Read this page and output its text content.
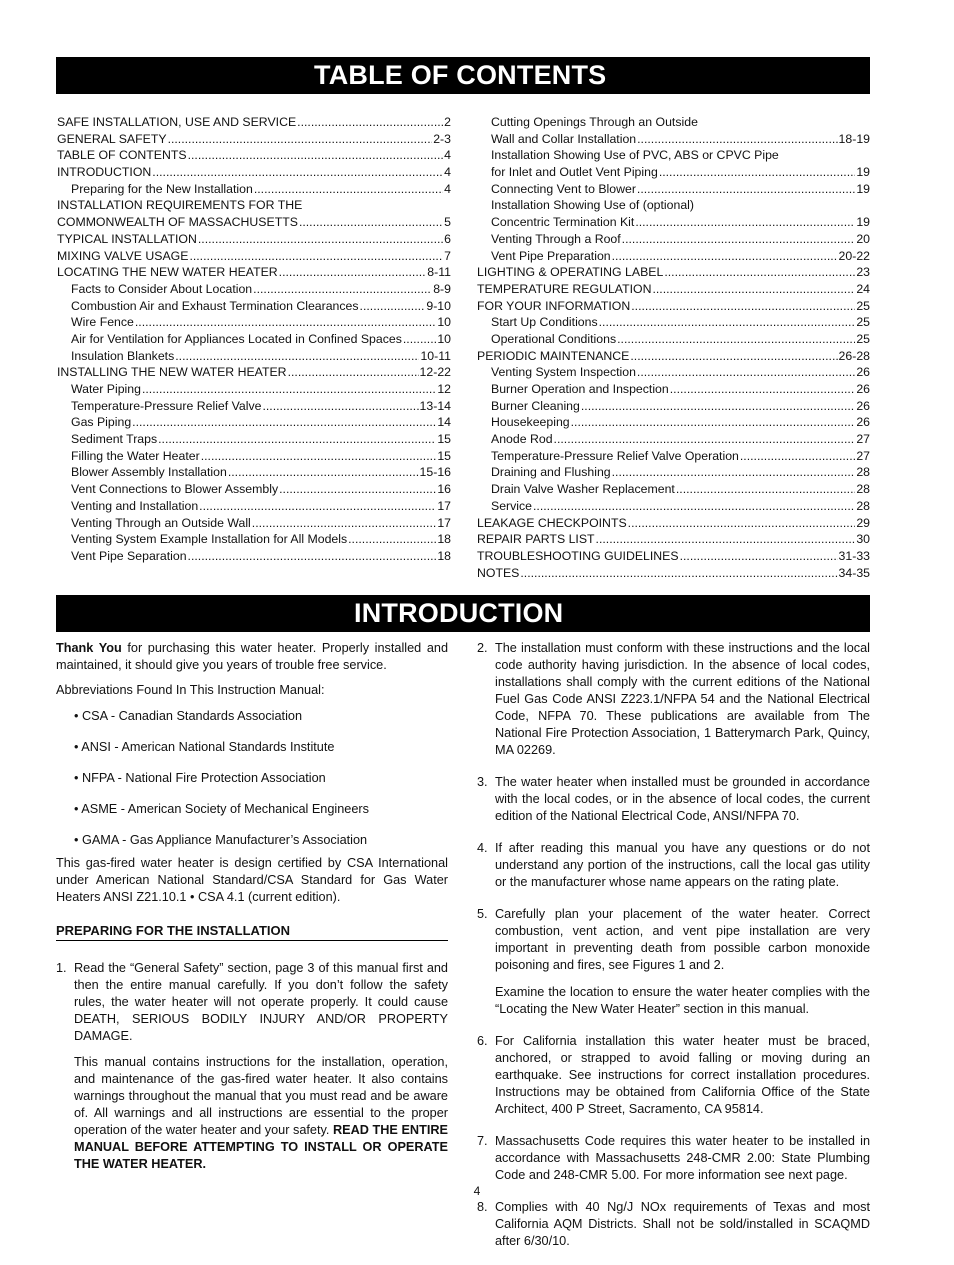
TABLE OF CONTENTS
SAFE INSTALLATION, USE AND SERVICE .....	2
GENERAL SAFETY .....	2-3
TABLE OF CONTENTS .....	4
INTRODUCTION .....	4
Preparing for the New Installation .....	4
INSTALLATION REQUIREMENTS FOR THE
COMMONWEALTH OF MASSACHUSETTS .....	5
TYPICAL INSTALLATION .....	6
MIXING VALVE USAGE .....	7
LOCATING THE NEW WATER HEATER .....	8-11
Facts to Consider About Location .....	8-9
Combustion Air and Exhaust Termination Clearances .....	9-10
Wire Fence .....	10
Air for Ventilation for Appliances Located in Confined Spaces .....	10
Insulation Blankets .....	10-11
INSTALLING THE NEW WATER HEATER .....	12-22
Water Piping .....	12
Temperature-Pressure Relief Valve .....	13-14
Gas Piping .....	14
Sediment Traps .....	15
Filling the Water Heater .....	15
Blower Assembly Installation .....	15-16
Vent Connections to Blower Assembly .....	16
Venting and Installation .....	17
Venting Through an Outside Wall .....	17
Venting System Example Installation for All Models .....	18
Vent Pipe Separation .....	18
Cutting Openings Through an Outside
Wall and Collar Installation .....	18-19
Installation Showing Use of PVC, ABS or CPVC Pipe
for Inlet and Outlet Vent Piping .....	19
Connecting Vent to Blower .....	19
Installation Showing Use of (optional)
Concentric Termination Kit .....	19
Venting Through a Roof .....	20
Vent Pipe Preparation .....	20-22
LIGHTING & OPERATING LABEL .....	23
TEMPERATURE REGULATION .....	24
FOR YOUR INFORMATION .....	25
Start Up Conditions .....	25
Operational Conditions .....	25
PERIODIC MAINTENANCE .....	26-28
Venting System Inspection .....	26
Burner Operation and Inspection .....	26
Burner Cleaning .....	26
Housekeeping .....	26
Anode Rod .....	27
Temperature-Pressure Relief Valve Operation .....	27
Draining and Flushing .....	28
Drain Valve Washer Replacement .....	28
Service .....	28
LEAKAGE CHECKPOINTS .....	29
REPAIR PARTS LIST .....	30
TROUBLESHOOTING GUIDELINES .....	31-33
NOTES .....	34-35
INTRODUCTION

Thank You for purchasing this water heater. Properly installed and maintained, it should give you years of trouble free service.

Abbreviations Found In This Instruction Manual:

• CSA - Canadian Standards Association

• ANSI - American National Standards Institute

• NFPA - National Fire Protection Association

• ASME - American Society of Mechanical Engineers

• GAMA - Gas Appliance Manufacturer’s Association

This gas-fired water heater is design certified by CSA International under American National Standard/CSA Standard for Gas Water Heaters ANSI Z21.10.1 • CSA 4.1 (current edition).

PREPARING FOR THE INSTALLATION
1. Read the “General Safety” section, page 3 of this manual first and then the entire manual carefully. If you don’t follow the safety rules, the water heater will not operate properly. It could cause DEATH, SERIOUS BODILY INJURY AND/OR PROPERTY DAMAGE.

This manual contains instructions for the installation, operation, and maintenance of the gas-fired water heater. It also contains warnings throughout the manual that you must read and be aware of. All warnings and all instructions are essential to the proper operation of the water heater and your safety. READ THE ENTIRE MANUAL BEFORE ATTEMPTING TO INSTALL OR OPERATE THE WATER HEATER.

2. The installation must conform with these instructions and the local code authority having jurisdiction. In the absence of local codes, installations shall comply with the current editions of the National Fuel Gas Code ANSI Z223.1/NFPA 54 and the National Electrical Code, NFPA 70. These publications are available from The National Fire Protection Association, 1 Batterymarch Park, Quincy, MA 02269.

3. The water heater when installed must be grounded in accordance with the local codes, or in the absence of local codes, the current edition of the National Electrical Code, ANSI/NFPA 70.

4. If after reading this manual you have any questions or do not understand any portion of the instructions, call the local gas utility or the manufacturer whose name appears on the rating plate.

5. Carefully plan your placement of the water heater. Correct combustion, vent action, and vent pipe installation are very important in preventing death from possible carbon monoxide poisoning and fires, see Figures 1 and 2.

Examine the location to ensure the water heater complies with the “Locating the New Water Heater” section in this manual.

6. For California installation this water heater must be braced, anchored, or strapped to avoid falling or moving during an earthquake. See instructions for correct installation procedures. Instructions may be obtained from California Office of the State Architect, 400 P Street, Sacramento, CA 95814.

7. Massachusetts Code requires this water heater to be installed in accordance with Massachusetts 248-CMR 2.00: State Plumbing Code and 248-CMR 5.00. For more information see next page.

8. Complies with 40 Ng/J NOx requirements of Texas and most California AQM Districts. Shall not be sold/installed in SCAQMD after 6/30/10.

4
